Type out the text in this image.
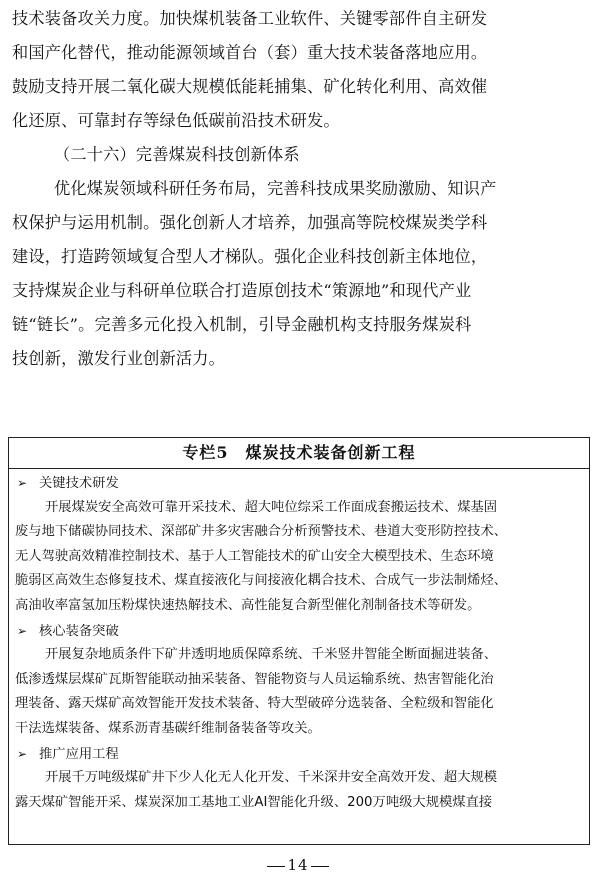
技术装备攻关力度。加快煤机装备工业软件、关键零部件自主研发
和国产化替代，推动能源领域首台（套）重大技术装备落地应用。
鼓励支持开展二氧化碳大规模低能耗捕集、矿化转化利用、高效催
化还原、可靠封存等绿色低碳前沿技术研发。
（二十六）完善煤炭科技创新体系
优化煤炭领域科研任务布局，完善科技成果奖励激励、知识产
权保护与运用机制。强化创新人才培养，加强高等院校煤炭类学科
建设，打造跨领域复合型人才梯队。强化企业科技创新主体地位，
支持煤炭企业与科研单位联合打造原创技术“策源地”和现代产业
链“链长”。完善多元化投入机制，引导金融机构支持服务煤炭科
技创新，激发行业创新活力。
专栏5　煤炭技术装备创新工程
➢ 关键技术研发
开展煤炭安全高效可靠开采技术、超大吨位综采工作面成套搬运技术、煤基固
废与地下储碳协同技术、深部矿井多灾害融合分析预警技术、巷道大变形防控技术、
无人驾驶高效精准控制技术、基于人工智能技术的矿山安全大模型技术、生态环境
脆弱区高效生态修复技术、煤直接液化与间接液化耦合技术、合成气一步法制烯烃、
高油收率富氢加压粉煤快速热解技术、高性能复合新型催化剂制备技术等研发。
➢ 核心装备突破
开展复杂地质条件下矿井透明地质保障系统、千米竖井智能全断面掘进装备、
低渗透煤层煤矿瓦斯智能联动抽采装备、智能物资与人员运输系统、热害智能化治
理装备、露天煤矿高效智能开发技术装备、特大型破碎分选装备、全粒级和智能化
干法选煤装备、煤系沥青基碳纤维制备装备等攻关。
➢ 推广应用工程
开展千万吨级煤矿井下少人化无人化开发、千米深井安全高效开发、超大规模
露天煤矿智能开采、煤炭深加工基地工业AI智能化升级、200万吨级大规模煤直接
14
